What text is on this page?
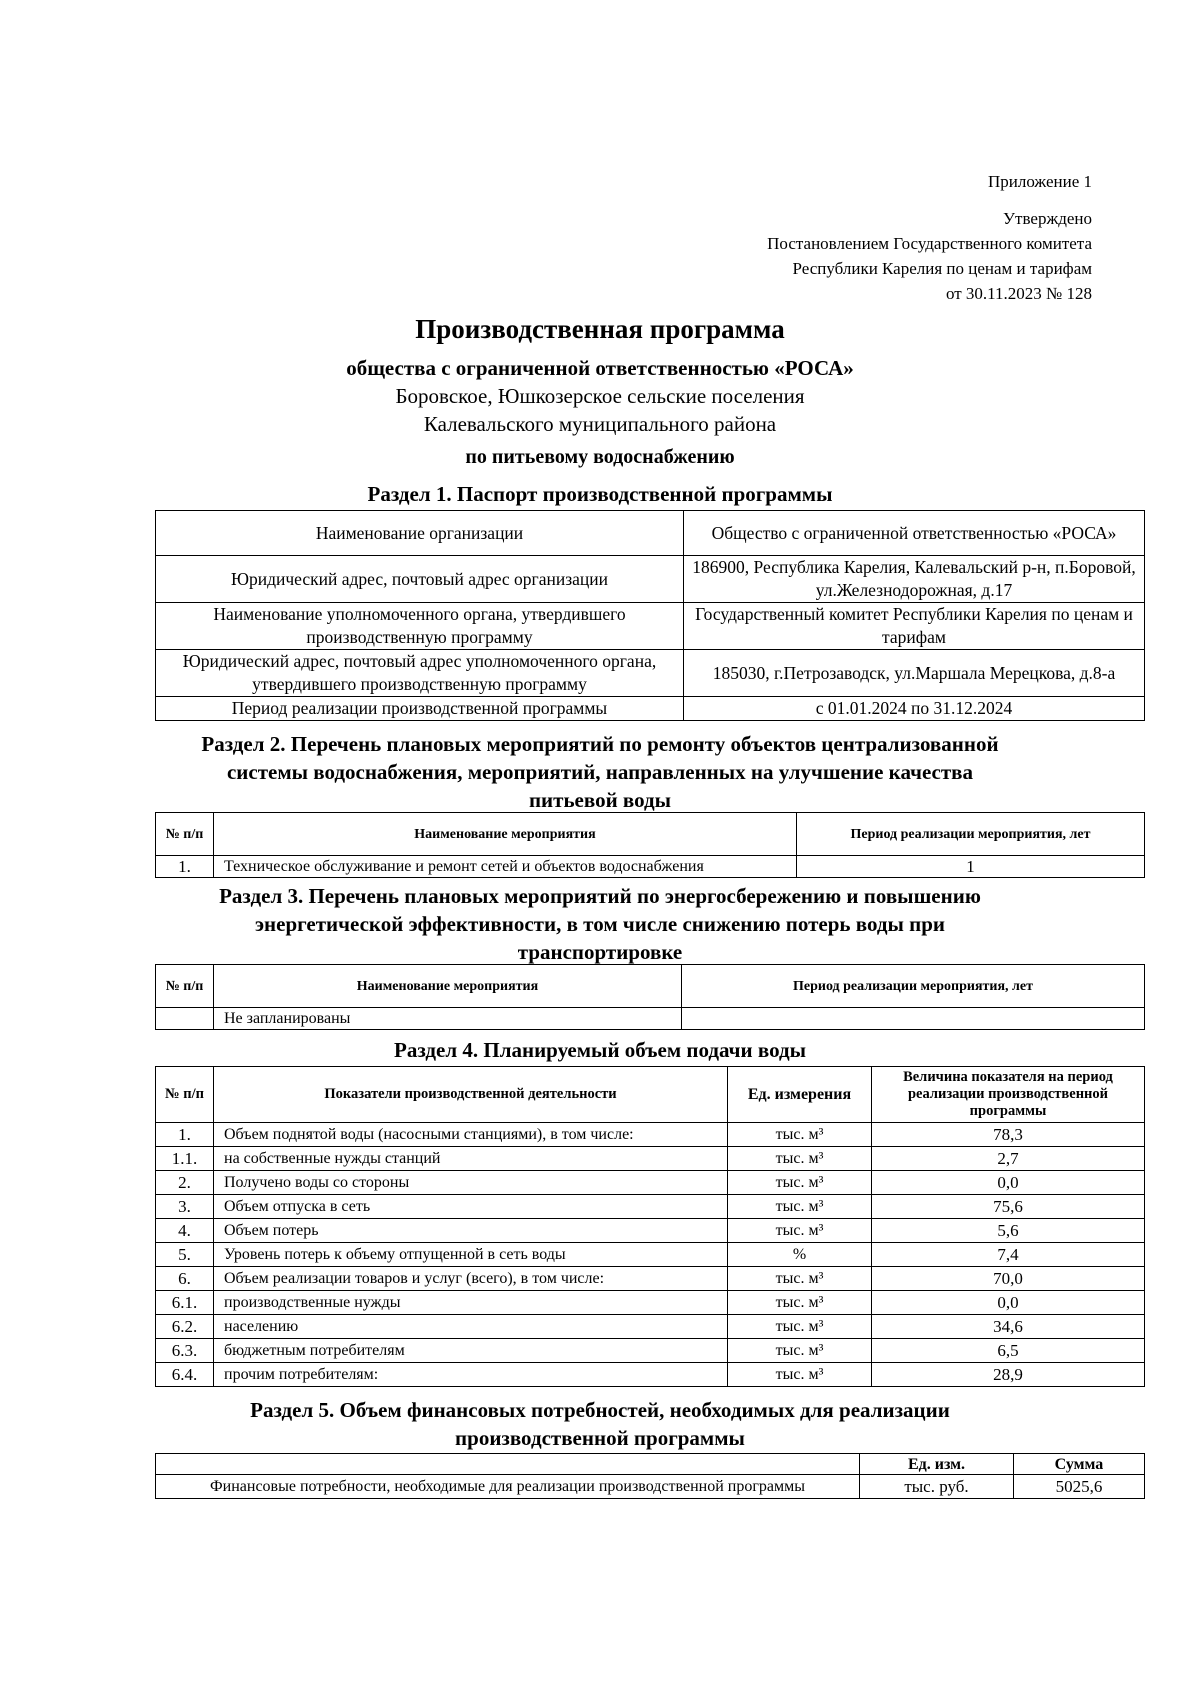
Приложение 1
Утверждено
Постановлением Государственного комитета
Республики Карелия по ценам и тарифам
от 30.11.2023 № 128
Производственная программа
общества с ограниченной ответственностью «РОСА»
Боровское, Юшкозерское сельские поселения
Калевальского муниципального района
по питьевому водоснабжению
Раздел 1. Паспорт производственной программы
Наименование организации	Общество с ограниченной ответственностью «РОСА»
Юридический адрес, почтовый адрес организации	186900, Республика Карелия, Калевальский р-н, п.Боровой, ул.Железнодорожная, д.17
Наименование уполномоченного органа, утвердившего производственную программу	Государственный комитет Республики Карелия по ценам и тарифам
Юридический адрес, почтовый адрес уполномоченного органа, утвердившего производственную программу	185030, г.Петрозаводск, ул.Маршала Мерецкова, д.8-а
Период реализации производственной программы	с 01.01.2024 по 31.12.2024
Раздел 2. Перечень плановых мероприятий по ремонту объектов централизованной системы водоснабжения, мероприятий, направленных на улучшение качества питьевой воды
№ п/п	Наименование мероприятия	Период реализации мероприятия, лет
1.	Техническое обслуживание и ремонт сетей и объектов водоснабжения	1
Раздел 3. Перечень плановых мероприятий по энергосбережению и повышению энергетической эффективности, в том числе снижению потерь воды при транспортировке
№ п/п	Наименование мероприятия	Период реализации мероприятия, лет
	Не запланированы	
Раздел 4. Планируемый объем подачи воды
№ п/п	Показатели производственной деятельности	Ед. измерения	Величина показателя на период реализации производственной программы
1.	Объем поднятой воды (насосными станциями), в том числе:	тыс. м³	78,3
1.1.	на собственные нужды станций	тыс. м³	2,7
2.	Получено воды со стороны	тыс. м³	0,0
3.	Объем отпуска в сеть	тыс. м³	75,6
4.	Объем потерь	тыс. м³	5,6
5.	Уровень потерь к объему отпущенной в сеть воды	%	7,4
6.	Объем реализации товаров и услуг (всего), в том числе:	тыс. м³	70,0
6.1.	производственные нужды	тыс. м³	0,0
6.2.	населению	тыс. м³	34,6
6.3.	бюджетным потребителям	тыс. м³	6,5
6.4.	прочим потребителям:	тыс. м³	28,9
Раздел 5. Объем финансовых потребностей, необходимых для реализации производственной программы
	Ед. изм.	Сумма
Финансовые потребности, необходимые для реализации производственной программы	тыс. руб.	5025,6
